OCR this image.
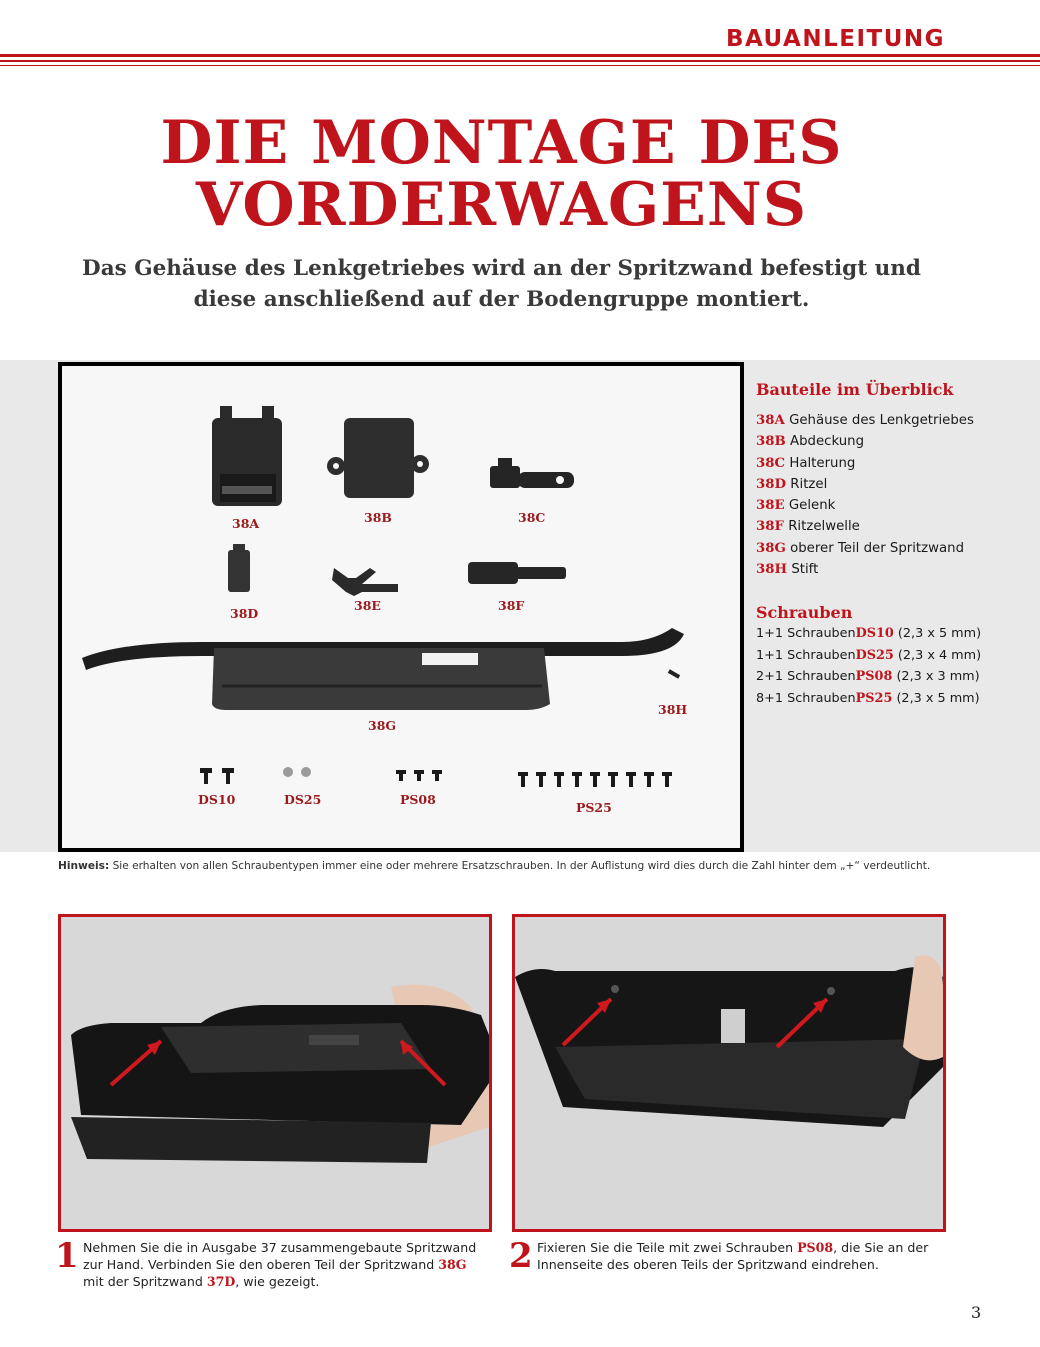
BAUANLEITUNG
DIE MONTAGE DES
VORDERWAGENS

Das Gehäuse des Lenkgetriebes wird an der Spritzwand befestigt und
diese anschließend auf der Bodengruppe montiert.

38A	38B	38C
38D
38E	38F
38G
38H
DS10	DS25	PS08
PS25
Bauteile im Überblick
38A Gehäuse des Lenkgetriebes
38B Abdeckung
38C Halterung
38D Ritzel
38E Gelenk
38F Ritzelwelle
38G oberer Teil der Spritzwand
38H Stift
Schrauben
1+1 SchraubenDS10 (2,3 x 5 mm)
1+1 SchraubenDS25 (2,3 x 4 mm)
2+1 SchraubenPS08 (2,3 x 3 mm)
8+1 SchraubenPS25 (2,3 x 5 mm)
Hinweis: Sie erhalten von allen Schraubentypen immer eine oder mehrere Ersatzschrauben. In der Auflistung wird dies durch die Zahl hinter dem „+“ verdeutlicht.
1 Nehmen Sie die in Ausgabe 37 zusammengebaute Spritzwand zur Hand. Verbinden Sie den oberen Teil der Spritzwand 38G mit der Spritzwand 37D, wie gezeigt.
2 Fixieren Sie die Teile mit zwei Schrauben PS08, die Sie an der Innenseite des oberen Teils der Spritzwand eindrehen.
3
